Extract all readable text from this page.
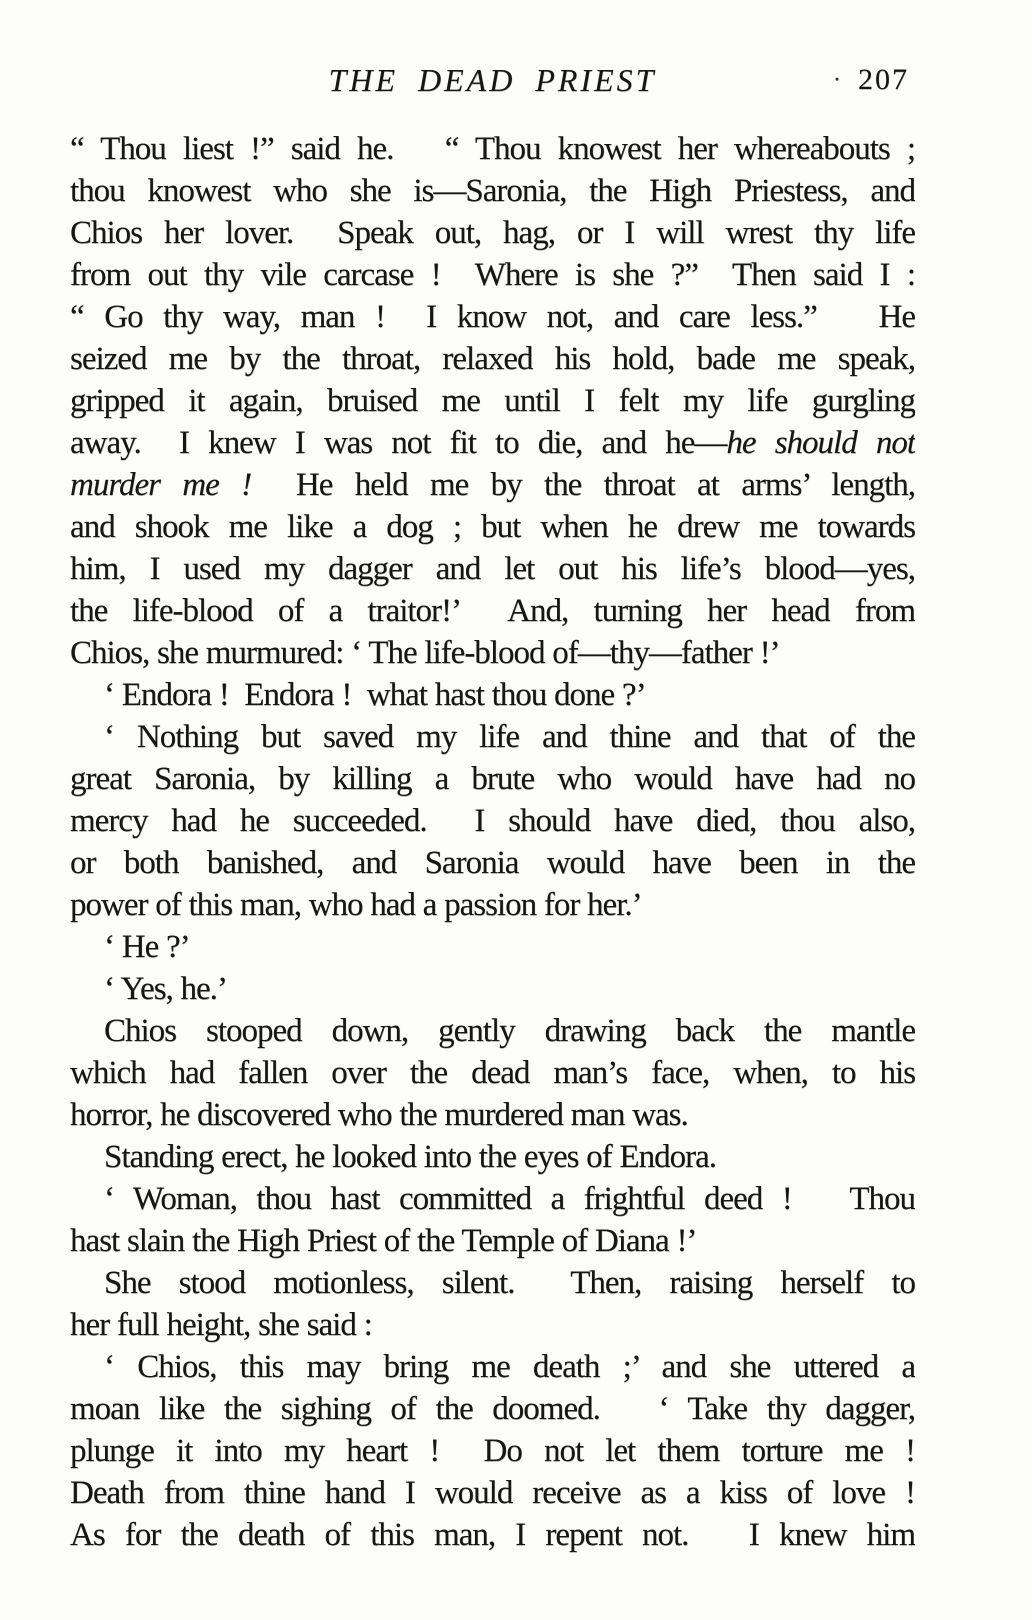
THE DEAD PRIEST	· 207
“ Thou liest !” said he.   “ Thou knowest her whereabouts ;
thou knowest who she is—Saronia, the High Priestess, and
Chios her lover.  Speak out, hag, or I will wrest thy life
from out thy vile carcase !  Where is she ?”  Then said I :
“ Go thy way, man !  I know not, and care less.”   He
seized me by the throat, relaxed his hold, bade me speak,
gripped it again, bruised me until I felt my life gurgling
away.  I knew I was not fit to die, and he—he should not
murder me !  He held me by the throat at arms’ length,
and shook me like a dog ; but when he drew me towards
him, I used my dagger and let out his life’s blood—yes,
the life-blood of a traitor!’  And, turning her head from
Chios, she murmured: ‘ The life-blood of—thy—father !’
‘ Endora !  Endora !  what hast thou done ?’
‘ Nothing but saved my life and thine and that of the
great Saronia, by killing a brute who would have had no
mercy had he succeeded.  I should have died, thou also,
or both banished, and Saronia would have been in the
power of this man, who had a passion for her.’
‘ He ?’
‘ Yes, he.’
Chios stooped down, gently drawing back the mantle
which had fallen over the dead man’s face, when, to his
horror, he discovered who the murdered man was.
Standing erect, he looked into the eyes of Endora.
‘ Woman, thou hast committed a frightful deed !   Thou
hast slain the High Priest of the Temple of Diana !’
She stood motionless, silent.  Then, raising herself to
her full height, she said :
‘ Chios, this may bring me death ;’ and she uttered a
moan like the sighing of the doomed.   ‘ Take thy dagger,
plunge it into my heart !  Do not let them torture me !
Death from thine hand I would receive as a kiss of love !
As for the death of this man, I repent not.   I knew him
